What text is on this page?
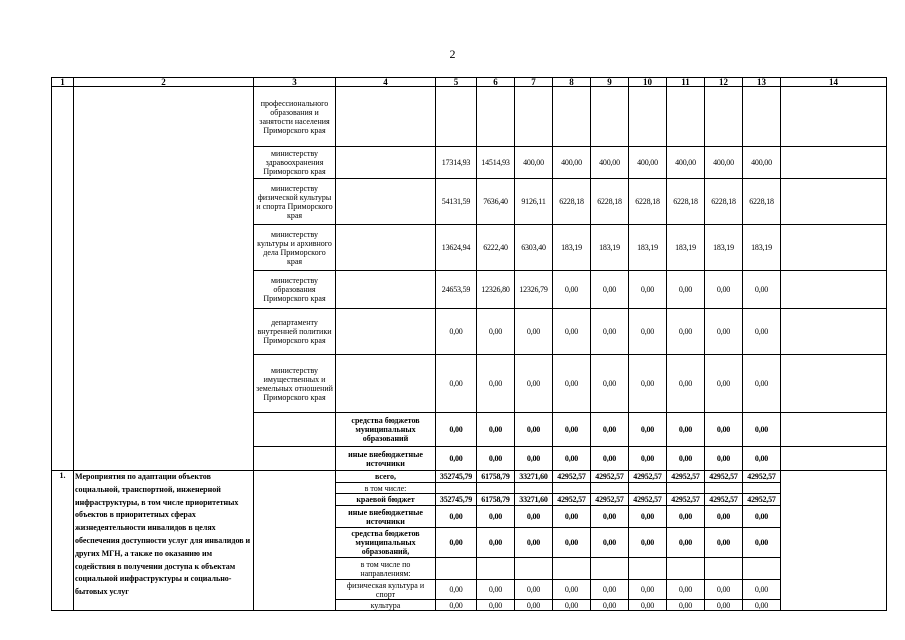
2
1	2	3	4	5	6	7	8	9	10	11	12	13	14
		профессионального образования и занятости населения Приморского края											
		министерству здравоохранения Приморского края		17314,93	14514,93	400,00	400,00	400,00	400,00	400,00	400,00	400,00	
		министерству физической культуры и спорта Приморского края		54131,59	7636,40	9126,11	6228,18	6228,18	6228,18	6228,18	6228,18	6228,18	
		министерству культуры и архивного дела Приморского края		13624,94	6222,40	6303,40	183,19	183,19	183,19	183,19	183,19	183,19	
		министерству образования Приморского края		24653,59	12326,80	12326,79	0,00	0,00	0,00	0,00	0,00	0,00	
		департаменту внутренней политики Приморского края		0,00	0,00	0,00	0,00	0,00	0,00	0,00	0,00	0,00	
		министерству имущественных и земельных отношений Приморского края		0,00	0,00	0,00	0,00	0,00	0,00	0,00	0,00	0,00	
			средства бюджетов муниципальных образований	0,00	0,00	0,00	0,00	0,00	0,00	0,00	0,00	0,00	
			иные внебюджетные источники	0,00	0,00	0,00	0,00	0,00	0,00	0,00	0,00	0,00	
1.	Мероприятия по адаптации объектов социальной, транспортной, инженерной инфраструктуры, в том числе приоритетных объектов в приоритетных сферах жизнедеятельности инвалидов в целях обеспечения доступности услуг для инвалидов и других МГН, а также по оказанию им содействия в получении доступа к объектам социальной инфраструктуры и социально-бытовых услуг		всего,	352745,79	61758,79	33271,60	42952,57	42952,57	42952,57	42952,57	42952,57	42952,57	
			в том числе:										
			краевой бюджет	352745,79	61758,79	33271,60	42952,57	42952,57	42952,57	42952,57	42952,57	42952,57	
			иные внебюджетные источники	0,00	0,00	0,00	0,00	0,00	0,00	0,00	0,00	0,00	
			средства бюджетов муниципальных образований,	0,00	0,00	0,00	0,00	0,00	0,00	0,00	0,00	0,00	
			в том числе по направлениям:										
			физическая культура и спорт	0,00	0,00	0,00	0,00	0,00	0,00	0,00	0,00	0,00	
			культура	0,00	0,00	0,00	0,00	0,00	0,00	0,00	0,00	0,00	
